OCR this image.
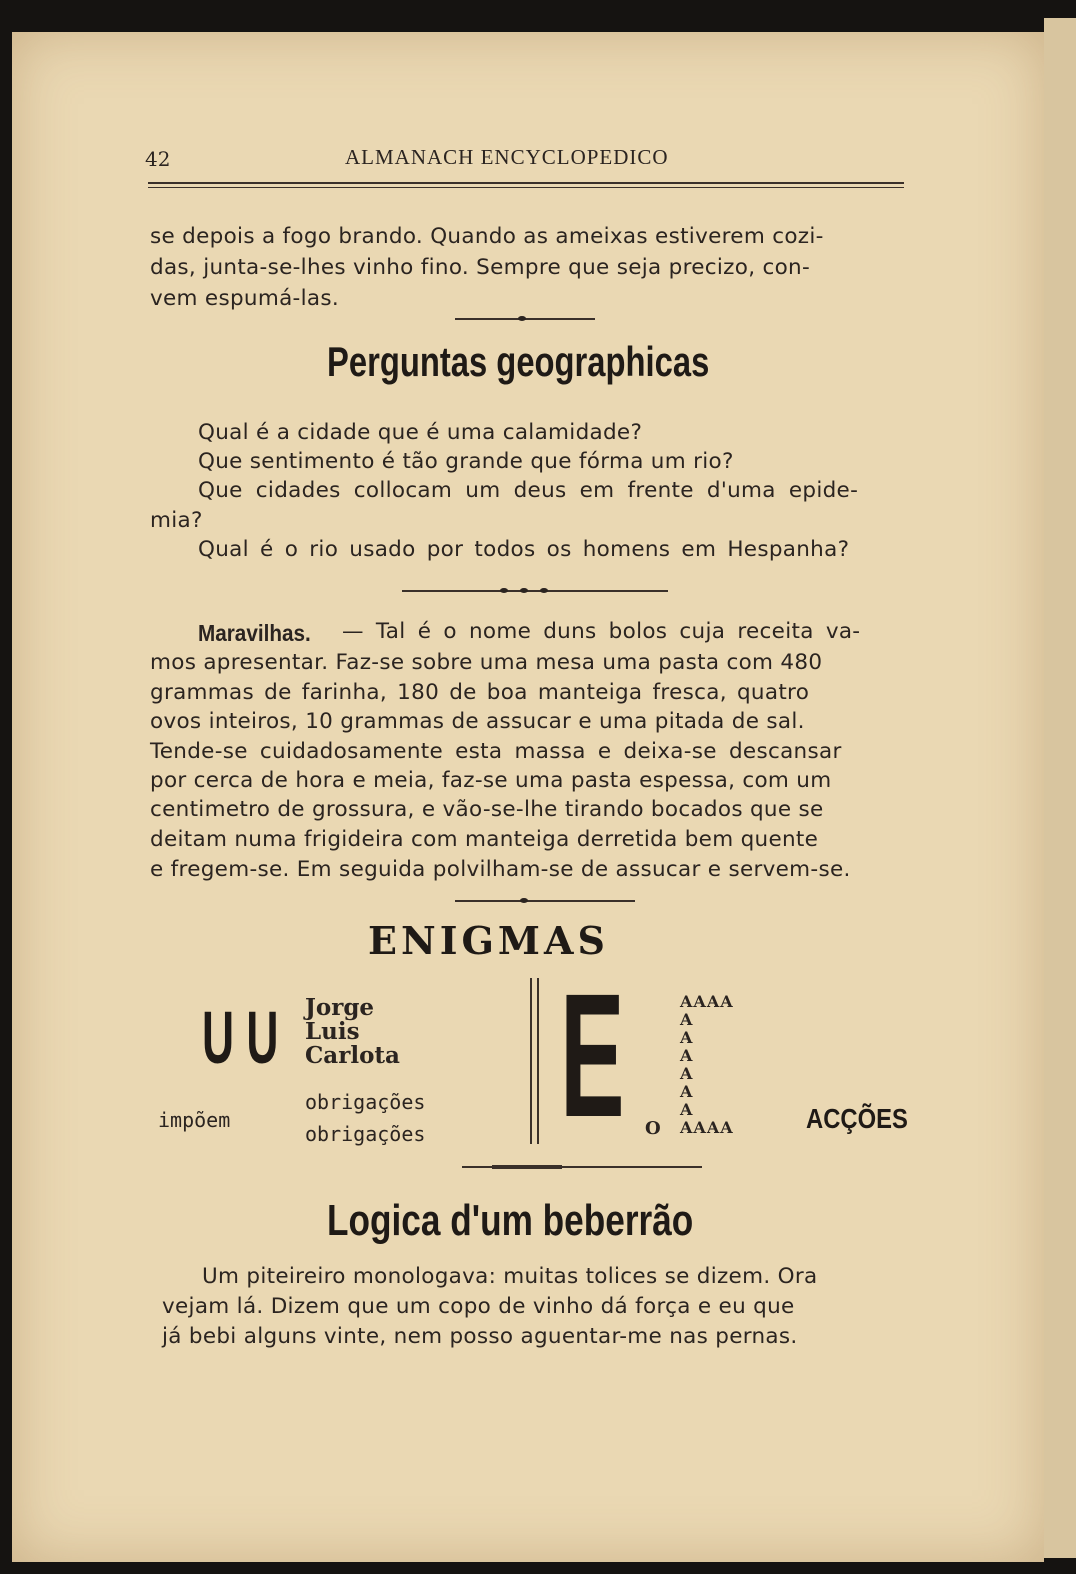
42	ALMANACH ENCYCLOPEDICO
se depois a fogo brando. Quando as ameixas estiverem cozi-
das, junta-se-lhes vinho fino. Sempre que seja precizo, con-
vem espumá-las.
Perguntas geographicas
Qual é a cidade que é uma calamidade?
Que sentimento é tão grande que fórma um rio?
Que cidades collocam um deus em frente d'uma epide-
mia?
Qual é o rio usado por todos os homens em Hespanha?
Maravilhas. — Tal é o nome duns bolos cuja receita va-
mos apresentar. Faz-se sobre uma mesa uma pasta com 480
grammas de farinha, 180 de boa manteiga fresca, quatro
ovos inteiros, 10 grammas de assucar e uma pitada de sal.
Tende-se cuidadosamente esta massa e deixa-se descansar
por cerca de hora e meia, faz-se uma pasta espessa, com um
centimetro de grossura, e vão-se-lhe tirando bocados que se
deitam numa frigideira com manteiga derretida bem quente
e fregem-se. Em seguida polvilham-se de assucar e servem-se.
ENIGMAS
U U Jorge
Luis
Carlota
impõem
obrigações
obrigações E	AAAA
A
A
A
A
A
A
AAAA
O	ACÇÕES
Logica d'um beberrão
Um piteireiro monologava: muitas tolices se dizem. Ora
vejam lá. Dizem que um copo de vinho dá força e eu que
já bebi alguns vinte, nem posso aguentar-me nas pernas.
